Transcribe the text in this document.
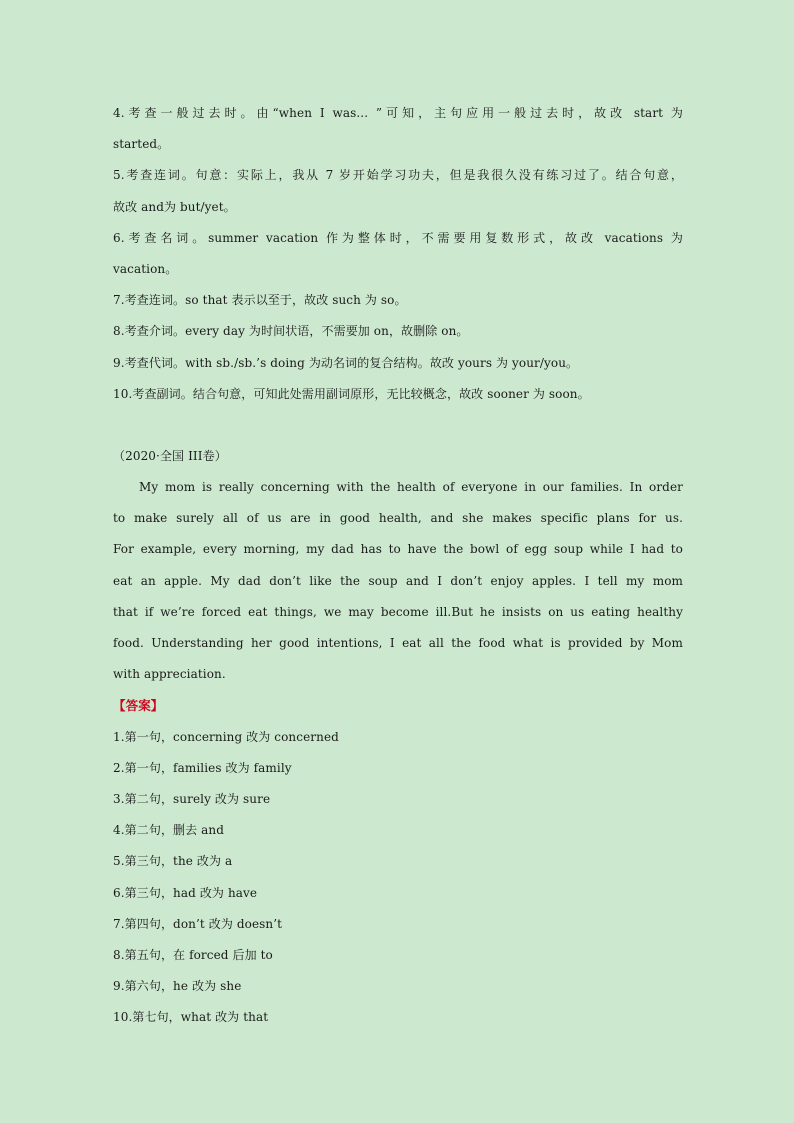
4.考查一般过去时。由“when I was... ”可知，主句应用一般过去时，故改 start 为
started。
5.考查连词。句意：实际上，我从 7 岁开始学习功夫，但是我很久没有练习过了。结合句意，
故改 and为 but/yet。
6.考查名词。summer vacation 作为整体时，不需要用复数形式，故改 vacations 为
vacation。
7.考查连词。so that 表示以至于，故改 such 为 so。
8.考查介词。every day 为时间状语，不需要加 on，故删除 on。
9.考查代词。with sb./sb.’s doing 为动名词的复合结构。故改 yours 为 your/you。
10.考查副词。结合句意，可知此处需用副词原形，无比较概念，故改 sooner 为 soon。
（2020·全国 III卷）
My mom is really concerning with the health of everyone in our families. In order
to make surely all of us are in good health, and she makes specific plans for us.
For example, every morning, my dad has to have the bowl of egg soup while I had to
eat an apple. My dad don’t like the soup and I don’t enjoy apples. I tell my mom
that if we’re forced eat things, we may become ill.But he insists on us eating healthy
food. Understanding her good intentions, I eat all the food what is provided by Mom
with appreciation.
【答案】
1.第一句，concerning 改为 concerned
2.第一句，families 改为 family
3.第二句，surely 改为 sure
4.第二句，删去 and
5.第三句，the 改为 a
6.第三句，had 改为 have
7.第四句，don’t 改为 doesn’t
8.第五句，在 forced 后加 to
9.第六句，he 改为 she
10.第七句，what 改为 that
